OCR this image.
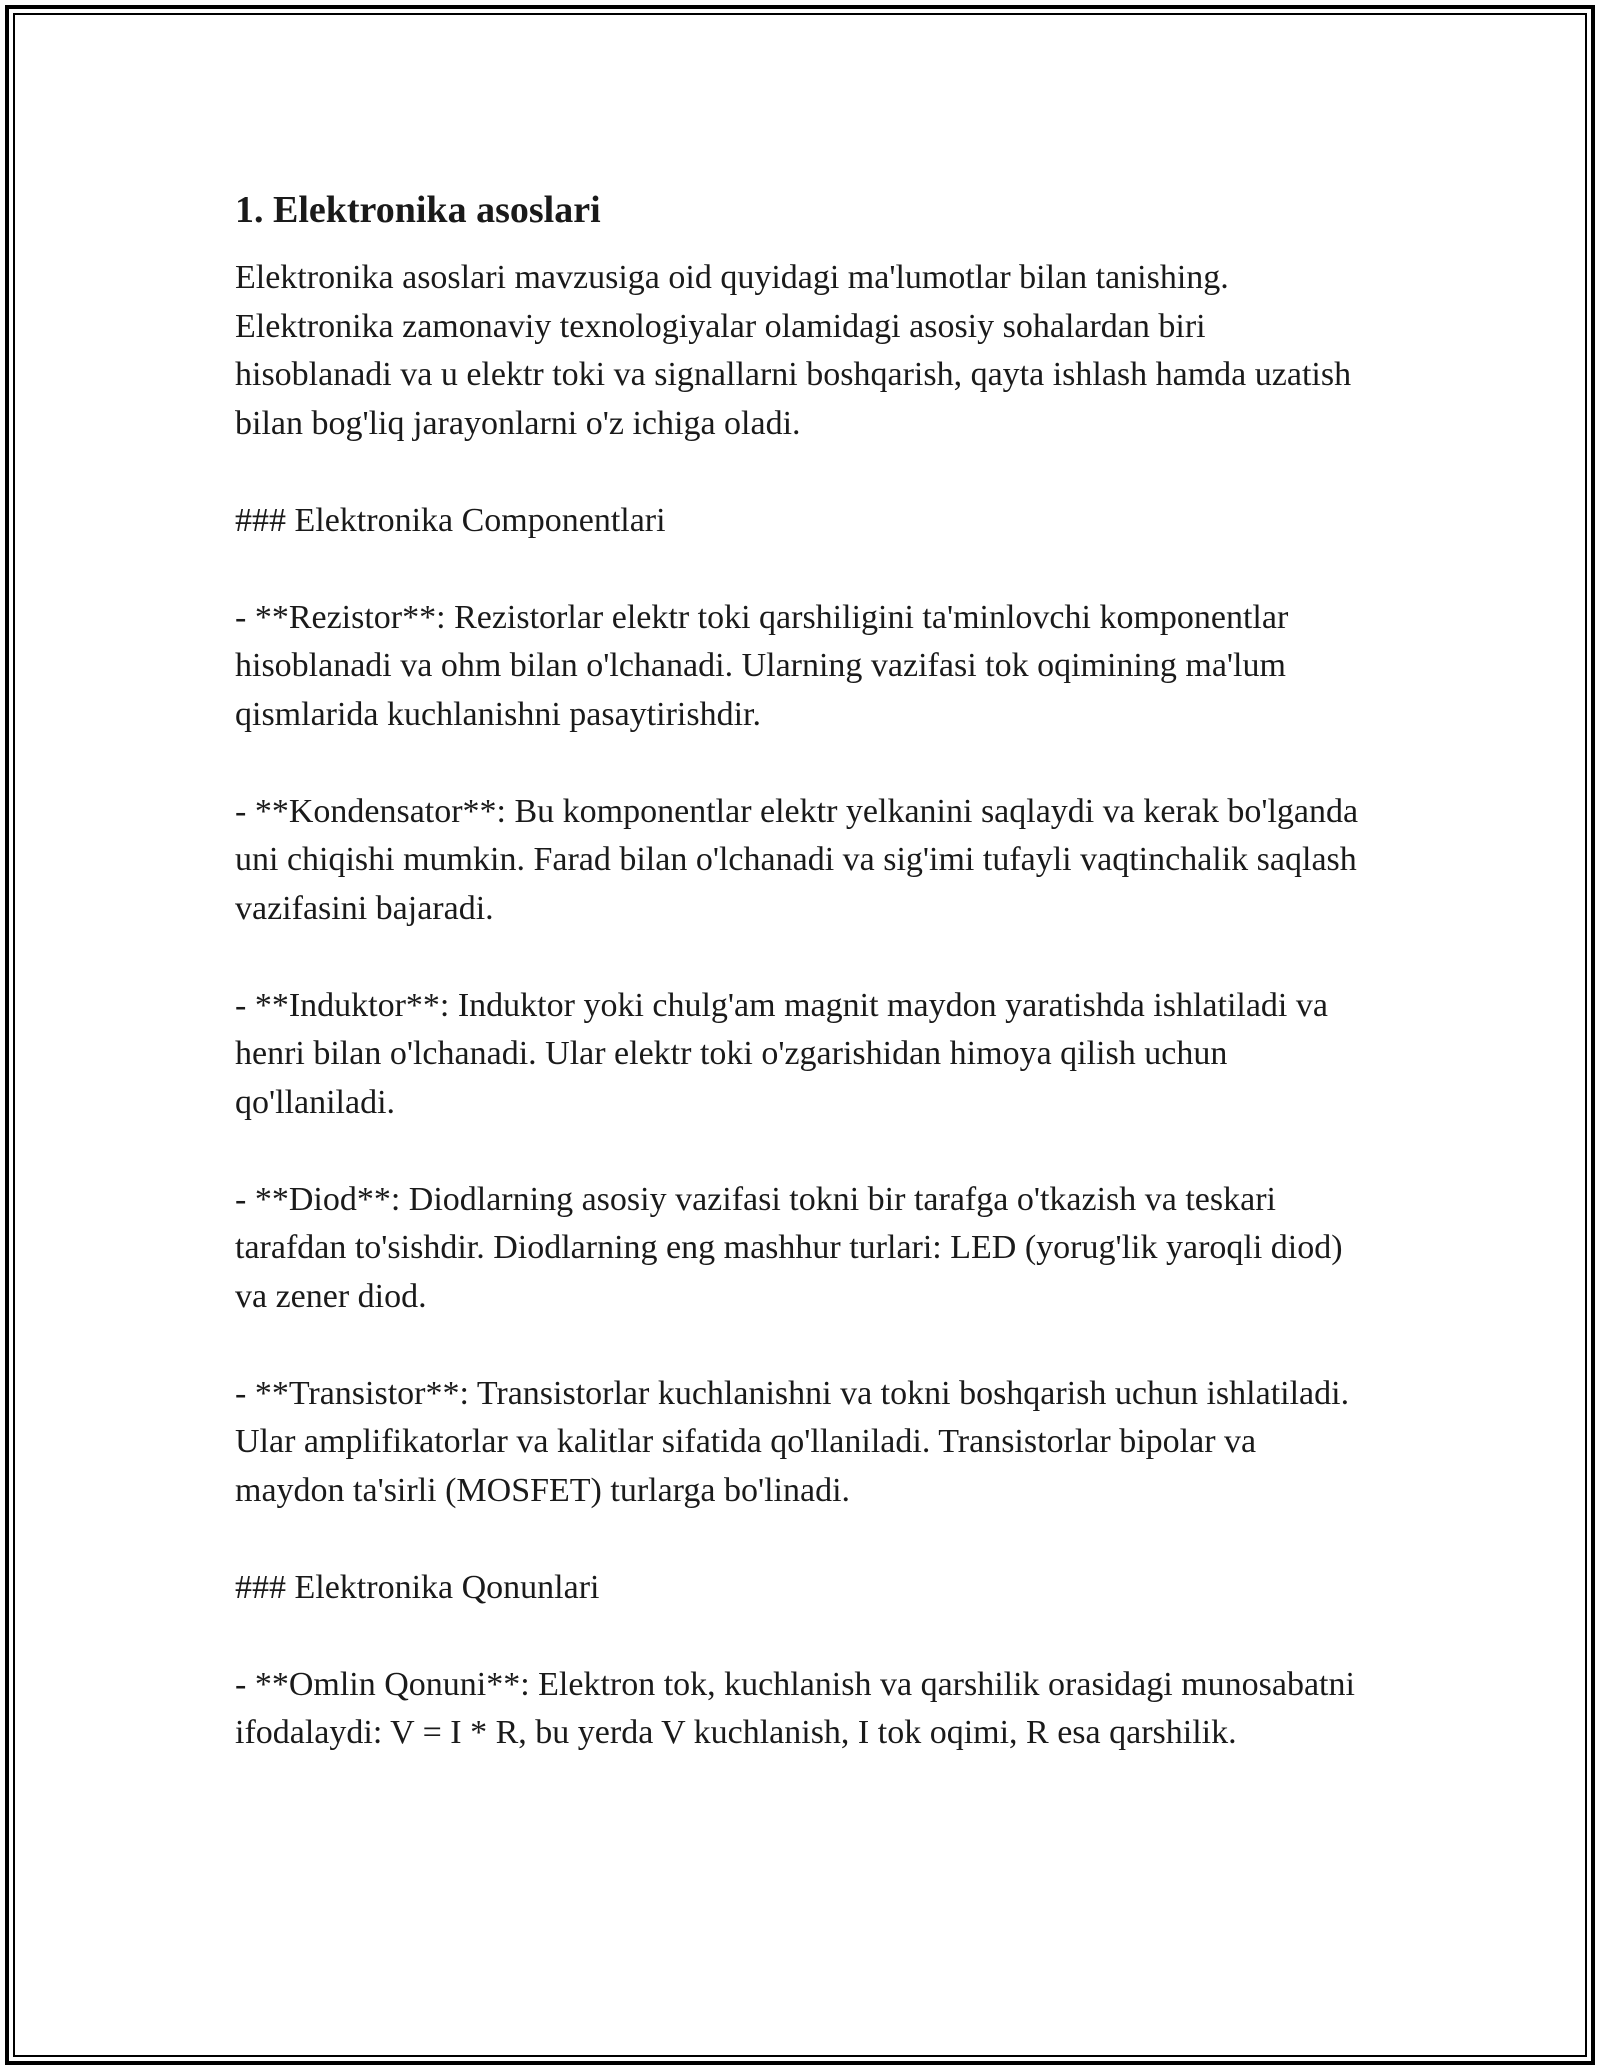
1. Elektronika asoslari

Elektronika asoslari mavzusiga oid quyidagi ma'lumotlar bilan tanishing. Elektronika zamonaviy texnologiyalar olamidagi asosiy sohalardan biri hisoblanadi va u elektr toki va signallarni boshqarish, qayta ishlash hamda uzatish bilan bog'liq jarayonlarni o'z ichiga oladi.

### Elektronika Componentlari

- **Rezistor**: Rezistorlar elektr toki qarshiligini ta'minlovchi komponentlar hisoblanadi va ohm bilan o'lchanadi. Ularning vazifasi tok oqimining ma'lum qismlarida kuchlanishni pasaytirishdir.

- **Kondensator**: Bu komponentlar elektr yelkanini saqlaydi va kerak bo'lganda uni chiqishi mumkin. Farad bilan o'lchanadi va sig'imi tufayli vaqtinchalik saqlash vazifasini bajaradi.

- **Induktor**: Induktor yoki chulg'am magnit maydon yaratishda ishlatiladi va henri bilan o'lchanadi. Ular elektr toki o'zgarishidan himoya qilish uchun qo'llaniladi.

- **Diod**: Diodlarning asosiy vazifasi tokni bir tarafga o'tkazish va teskari tarafdan to'sishdir. Diodlarning eng mashhur turlari: LED (yorug'lik yaroqli diod) va zener diod.

- **Transistor**: Transistorlar kuchlanishni va tokni boshqarish uchun ishlatiladi. Ular amplifikatorlar va kalitlar sifatida qo'llaniladi. Transistorlar bipolar va maydon ta'sirli (MOSFET) turlarga bo'linadi.

### Elektronika Qonunlari

- **Omlin Qonuni**: Elektron tok, kuchlanish va qarshilik orasidagi munosabatni ifodalaydi: V = I * R, bu yerda V kuchlanish, I tok oqimi, R esa qarshilik.
